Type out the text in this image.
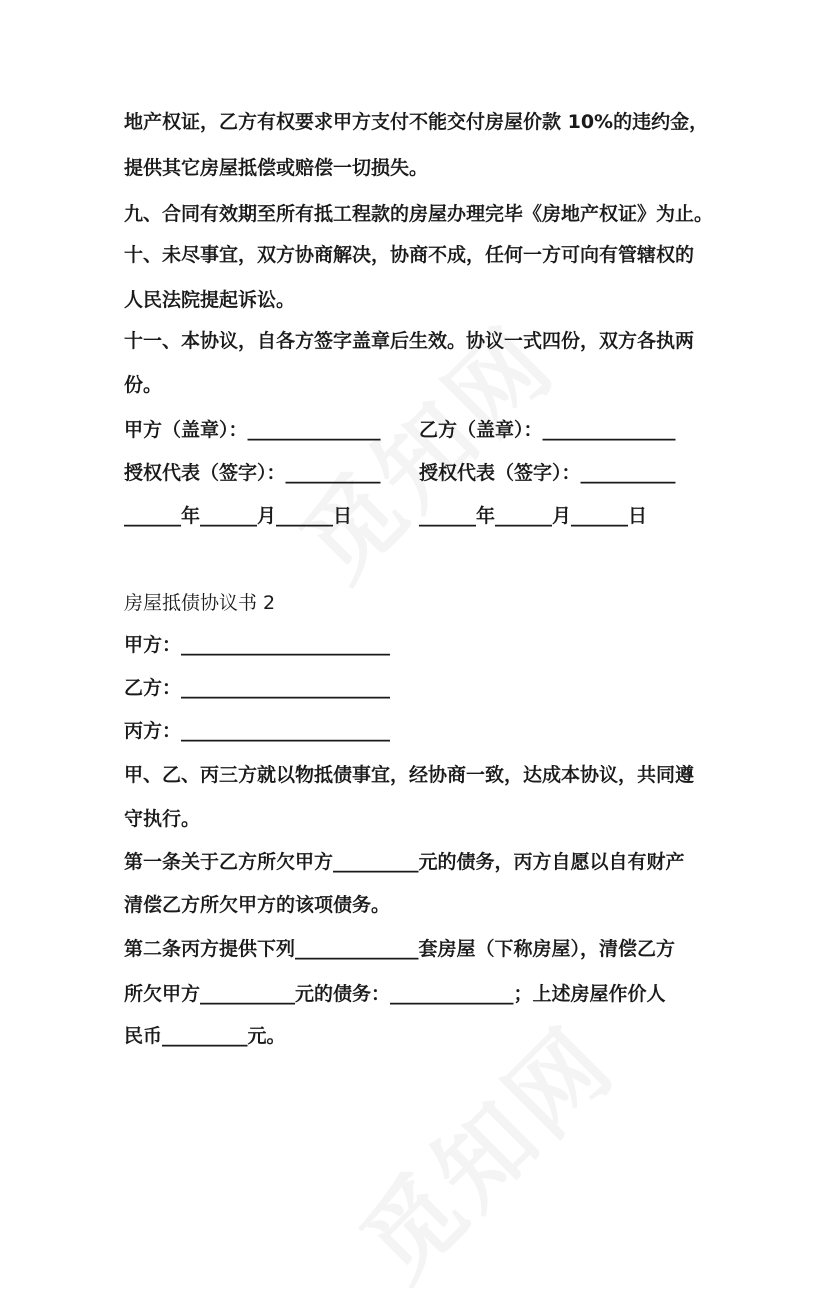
地产权证，乙方有权要求甲方支付不能交付房屋价款 10%的违约金，
提供其它房屋抵偿或赔偿一切损失。
九、合同有效期至所有抵工程款的房屋办理完毕《房地产权证》为止。
十、未尽事宜，双方协商解决，协商不成，任何一方可向有管辖权的
人民法院提起诉讼。
十一、本协议，自各方签字盖章后生效。协议一式四份，双方各执两
份。
甲方（盖章）：______________ 乙方（盖章）：______________
授权代表（签字）：__________ 授权代表（签字）：__________
______年______月______日	______年______月______日
房屋抵债协议书 2
甲方：______________________
乙方：______________________
丙方：______________________
甲、乙、丙三方就以物抵债事宜，经协商一致，达成本协议，共同遵
守执行。
第一条关于乙方所欠甲方_________元的债务，丙方自愿以自有财产
清偿乙方所欠甲方的该项债务。
第二条丙方提供下列_____________套房屋（下称房屋），清偿乙方
所欠甲方__________元的债务：_____________；上述房屋作价人
民币_________元。
